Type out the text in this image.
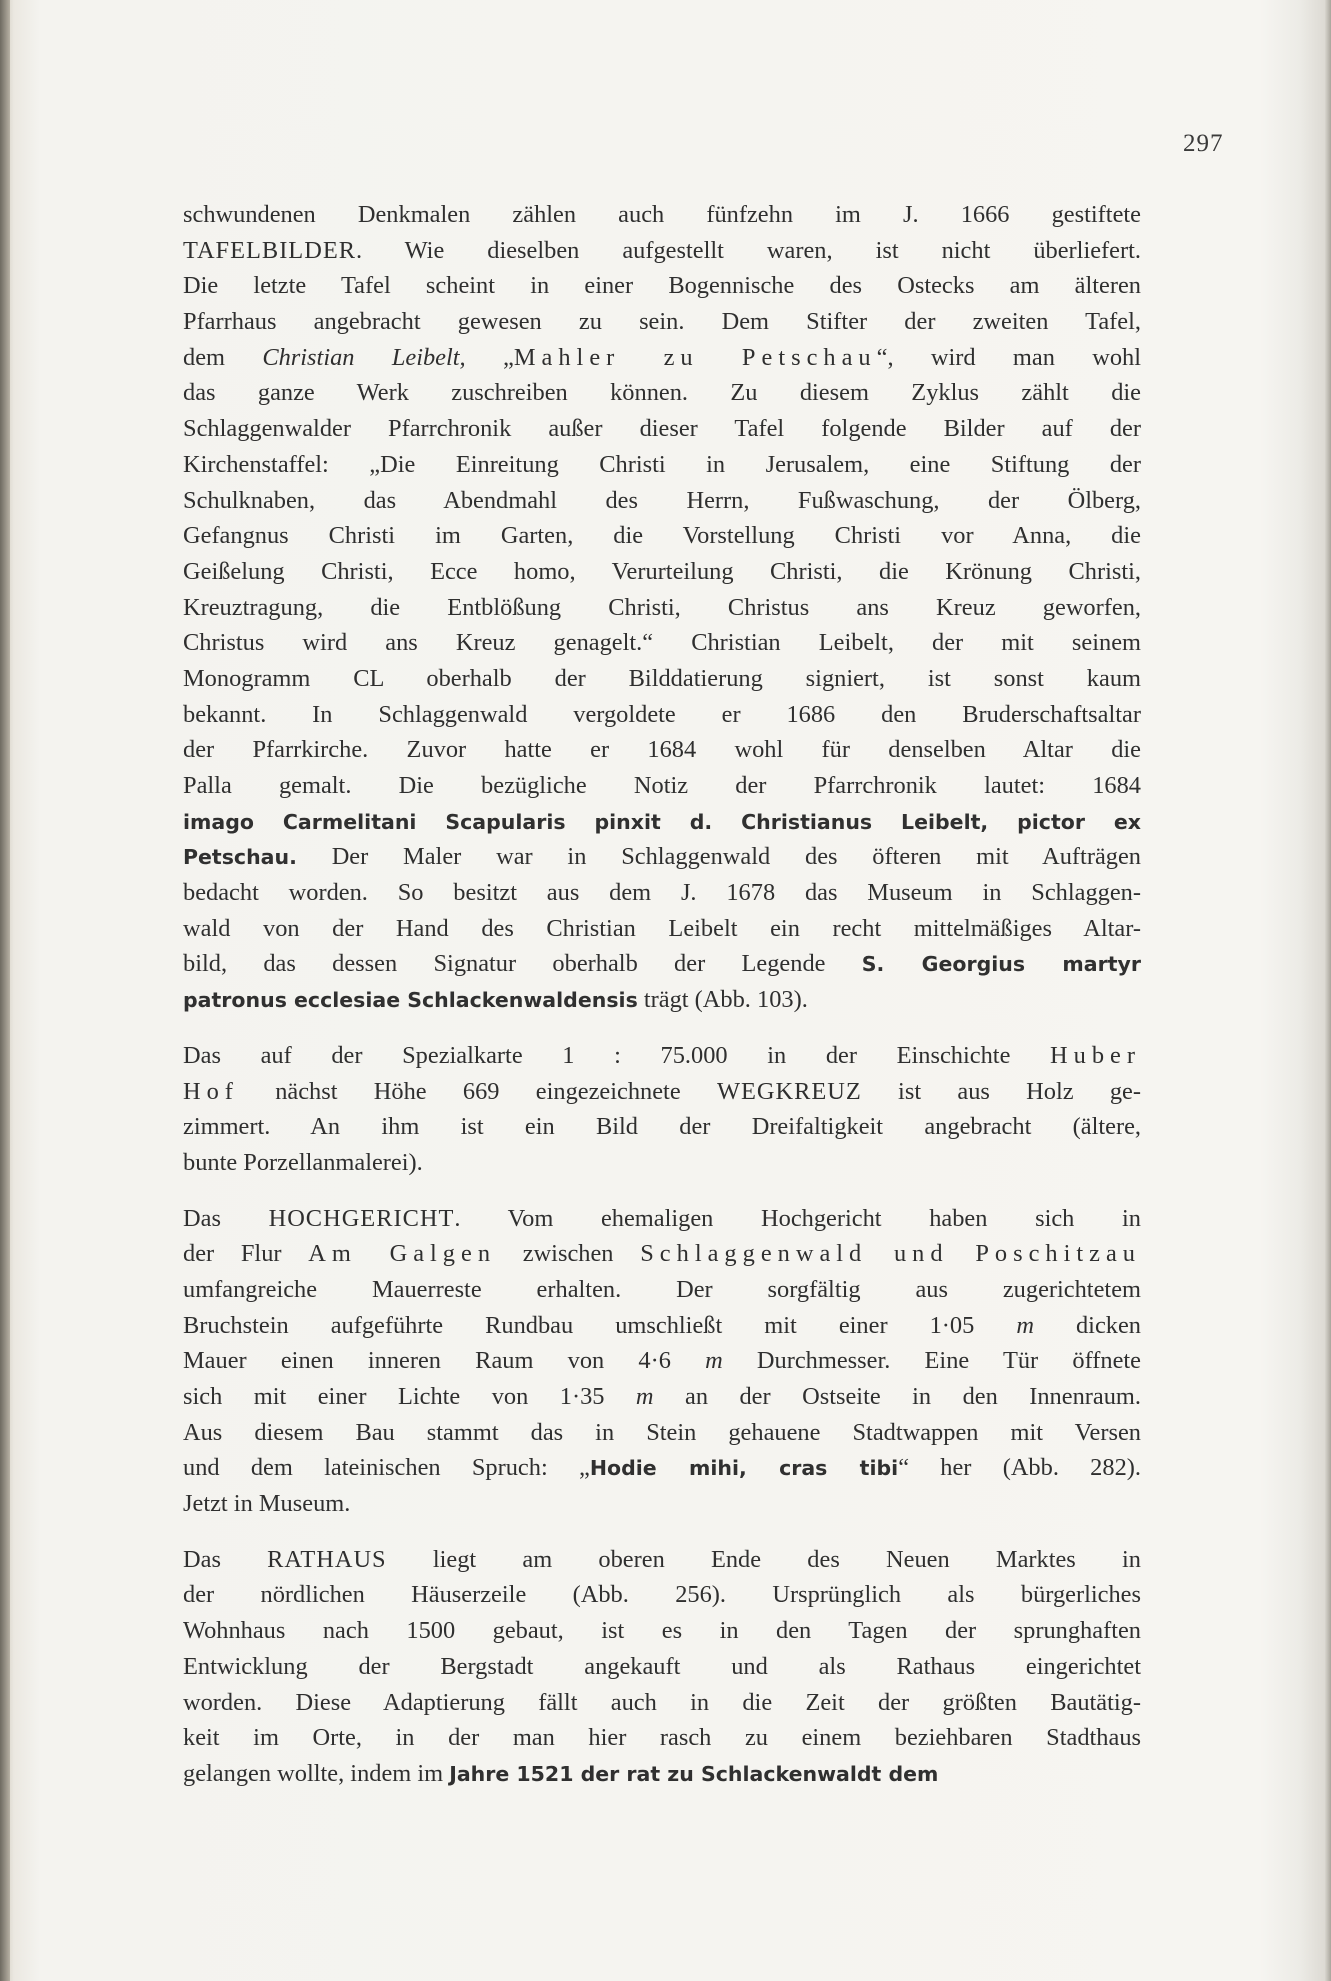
297
schwundenen Denkmalen zählen auch fünfzehn im J. 1666 gestiftete
TAFELBILDER. Wie dieselben aufgestellt waren, ist nicht überliefert.
Die letzte Tafel scheint in einer Bogennische des Ostecks am älteren
Pfarrhaus angebracht gewesen zu sein. Dem Stifter der zweiten Tafel,
dem Christian Leibelt, „Mahler zu Petschau“, wird man wohl
das ganze Werk zuschreiben können. Zu diesem Zyklus zählt die
Schlaggenwalder Pfarrchronik außer dieser Tafel folgende Bilder auf der
Kirchenstaffel: „Die Einreitung Christi in Jerusalem, eine Stiftung der
Schulknaben, das Abendmahl des Herrn, Fußwaschung, der Ölberg,
Gefangnus Christi im Garten, die Vorstellung Christi vor Anna, die
Geißelung Christi, Ecce homo, Verurteilung Christi, die Krönung Christi,
Kreuztragung, die Entblößung Christi, Christus ans Kreuz geworfen,
Christus wird ans Kreuz genagelt.“ Christian Leibelt, der mit seinem
Monogramm CL oberhalb der Bilddatierung signiert, ist sonst kaum
bekannt. In Schlaggenwald vergoldete er 1686 den Bruderschaftsaltar
der Pfarrkirche. Zuvor hatte er 1684 wohl für denselben Altar die
Palla gemalt. Die bezügliche Notiz der Pfarrchronik lautet: 1684
imago Carmelitani Scapularis pinxit d. Christianus Leibelt, pictor ex
Petschau. Der Maler war in Schlaggenwald des öfteren mit Aufträgen
bedacht worden. So besitzt aus dem J. 1678 das Museum in Schlaggen-
wald von der Hand des Christian Leibelt ein recht mittelmäßiges Altar-
bild, das dessen Signatur oberhalb der Legende S. Georgius martyr
patronus ecclesiae Schlackenwaldensis trägt (Abb. 103).
Das auf der Spezialkarte 1 : 75.000 in der Einschichte Huber
Hof nächst Höhe 669 eingezeichnete WEGKREUZ ist aus Holz ge-
zimmert. An ihm ist ein Bild der Dreifaltigkeit angebracht (ältere,
bunte Porzellanmalerei).
Das HOCHGERICHT. Vom ehemaligen Hochgericht haben sich in
der Flur Am Galgen zwischen Schlaggenwald und Poschitzau
umfangreiche Mauerreste erhalten. Der sorgfältig aus zugerichtetem
Bruchstein aufgeführte Rundbau umschließt mit einer 1·05 m dicken
Mauer einen inneren Raum von 4·6 m Durchmesser. Eine Tür öffnete
sich mit einer Lichte von 1·35 m an der Ostseite in den Innenraum.
Aus diesem Bau stammt das in Stein gehauene Stadtwappen mit Versen
und dem lateinischen Spruch: „Hodie mihi, cras tibi“ her (Abb. 282).
Jetzt in Museum.
Das RATHAUS liegt am oberen Ende des Neuen Marktes in
der nördlichen Häuserzeile (Abb. 256). Ursprünglich als bürgerliches
Wohnhaus nach 1500 gebaut, ist es in den Tagen der sprunghaften
Entwicklung der Bergstadt angekauft und als Rathaus eingerichtet
worden. Diese Adaptierung fällt auch in die Zeit der größten Bautätig-
keit im Orte, in der man hier rasch zu einem beziehbaren Stadthaus
gelangen wollte, indem im Jahre 1521 der rat zu Schlackenwaldt dem
